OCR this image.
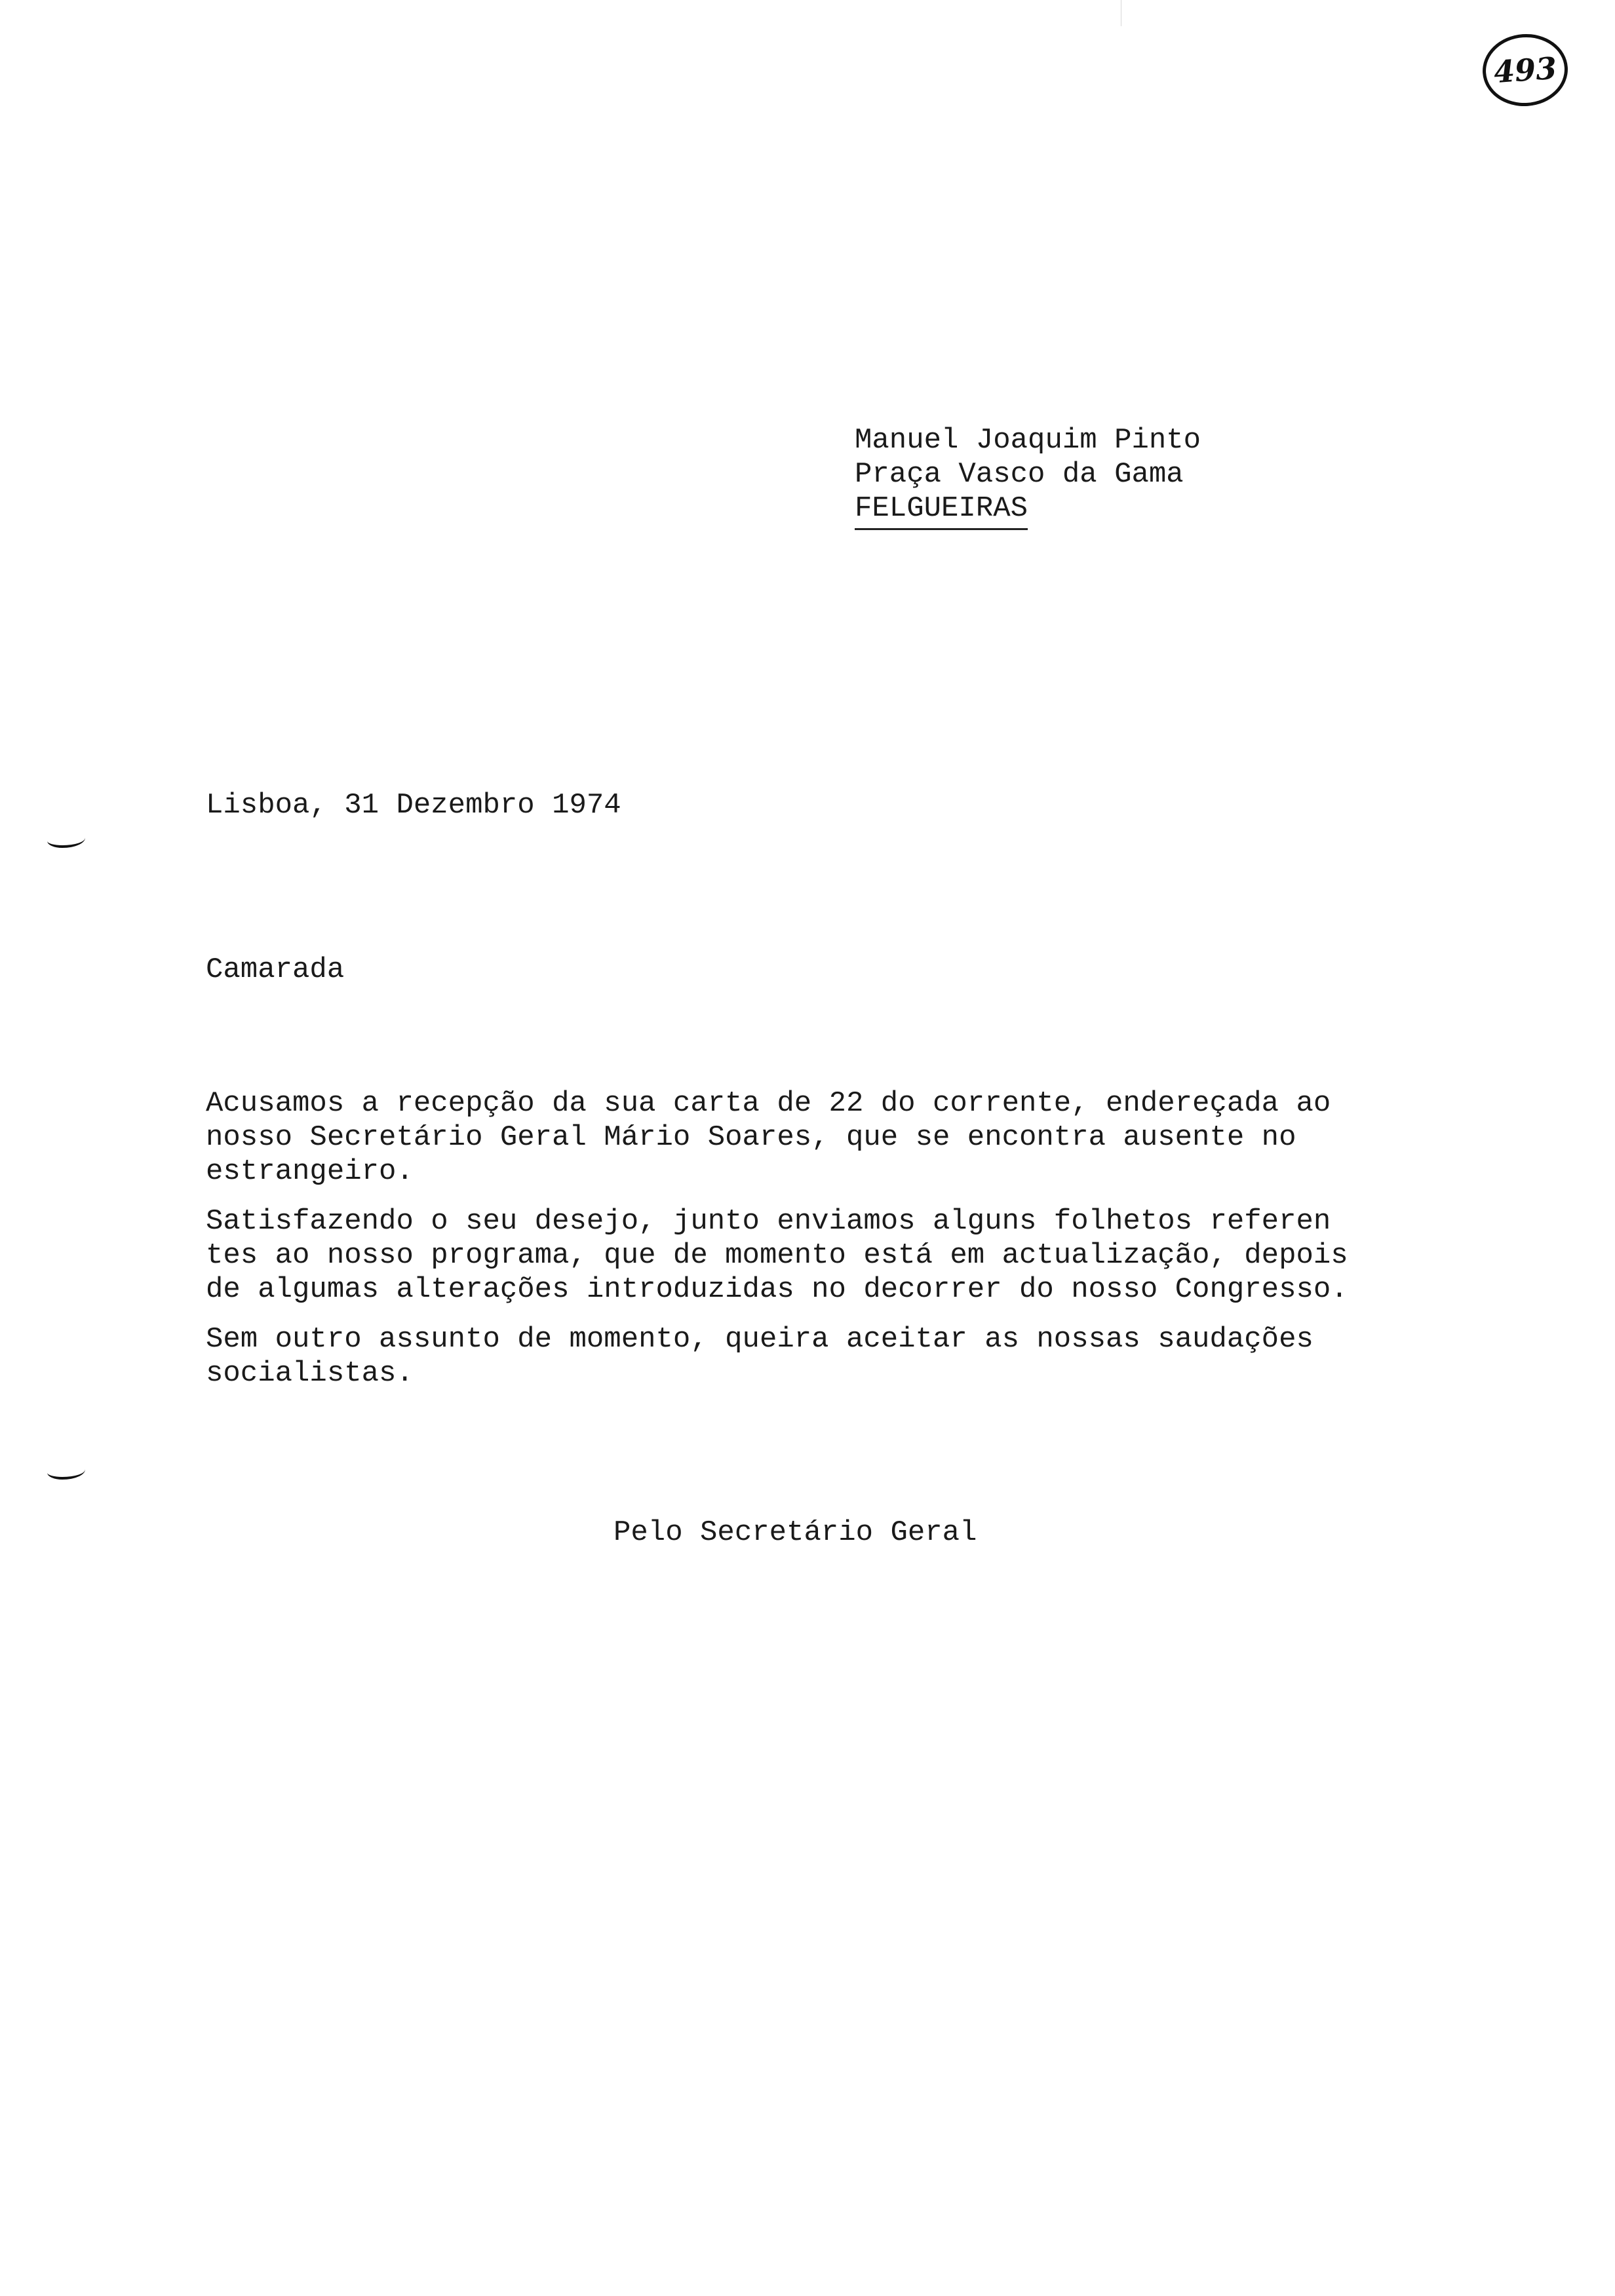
493
Manuel Joaquim Pinto
Praça Vasco da Gama
FELGUEIRAS
Lisboa, 31 Dezembro 1974
Camarada
Acusamos a recepção da sua carta de 22 do corrente, endereçada ao
nosso Secretário Geral Mário Soares, que se encontra ausente no
estrangeiro.
Satisfazendo o seu desejo, junto enviamos alguns folhetos referen
tes ao nosso programa, que de momento está em actualização, depois
de algumas alterações introduzidas no decorrer do nosso Congresso.
Sem outro assunto de momento, queira aceitar as nossas saudações
socialistas.
Pelo Secretário Geral
